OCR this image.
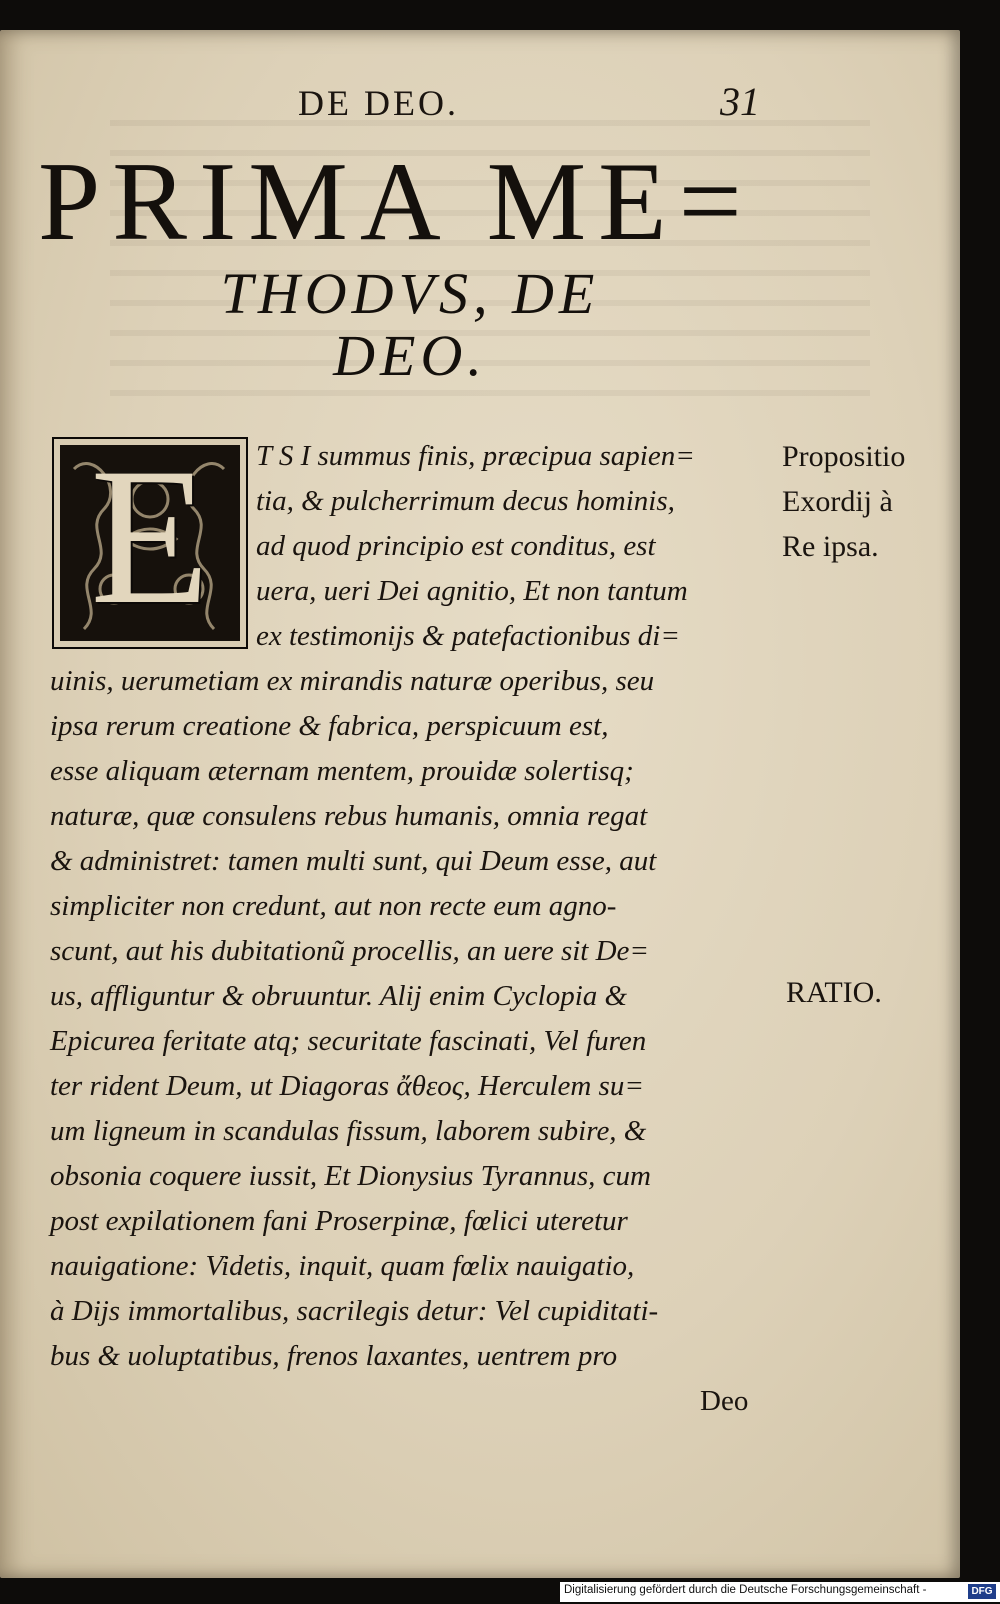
DE DEO.	31
PRIMA ME=
THODVS, DE
DEO.
E	T S I summus finis, præcipua sapien=
tia, & pulcherrimum decus hominis,
ad quod principio est conditus, est
uera, ueri Dei agnitio, Et non tantum
ex testimonijs & patefactionibus di=
uinis, uerumetiam ex mirandis naturæ operibus, seu
ipsa rerum creatione & fabrica, perspicuum est,
esse aliquam æternam mentem, prouidæ solertisq;
naturæ, quæ consulens rebus humanis, omnia regat
& administret: tamen multi sunt, qui Deum esse, aut
simpliciter non credunt, aut non recte eum agno-
scunt, aut his dubitationũ procellis, an uere sit De=
us, affliguntur & obruuntur. Alij enim Cyclopia &
Epicurea feritate atq; securitate fascinati, Vel furen
ter rident Deum, ut Diagoras ἄθεος, Herculem su=
um ligneum in scandulas fissum, laborem subire, &
obsonia coquere iussit, Et Dionysius Tyrannus, cum
post expilationem fani Proserpinæ, fœlici uteretur
nauigatione: Videtis, inquit, quam fœlix nauigatio,
à Dijs immortalibus, sacrilegis detur: Vel cupiditati-
bus & uoluptatibus, frenos laxantes, uentrem pro
Deo
Propositio
Exordij à
Re ipsa.
RATIO.
Digitalisierung gefördert durch die Deutsche Forschungsgemeinschaft -	DFG
